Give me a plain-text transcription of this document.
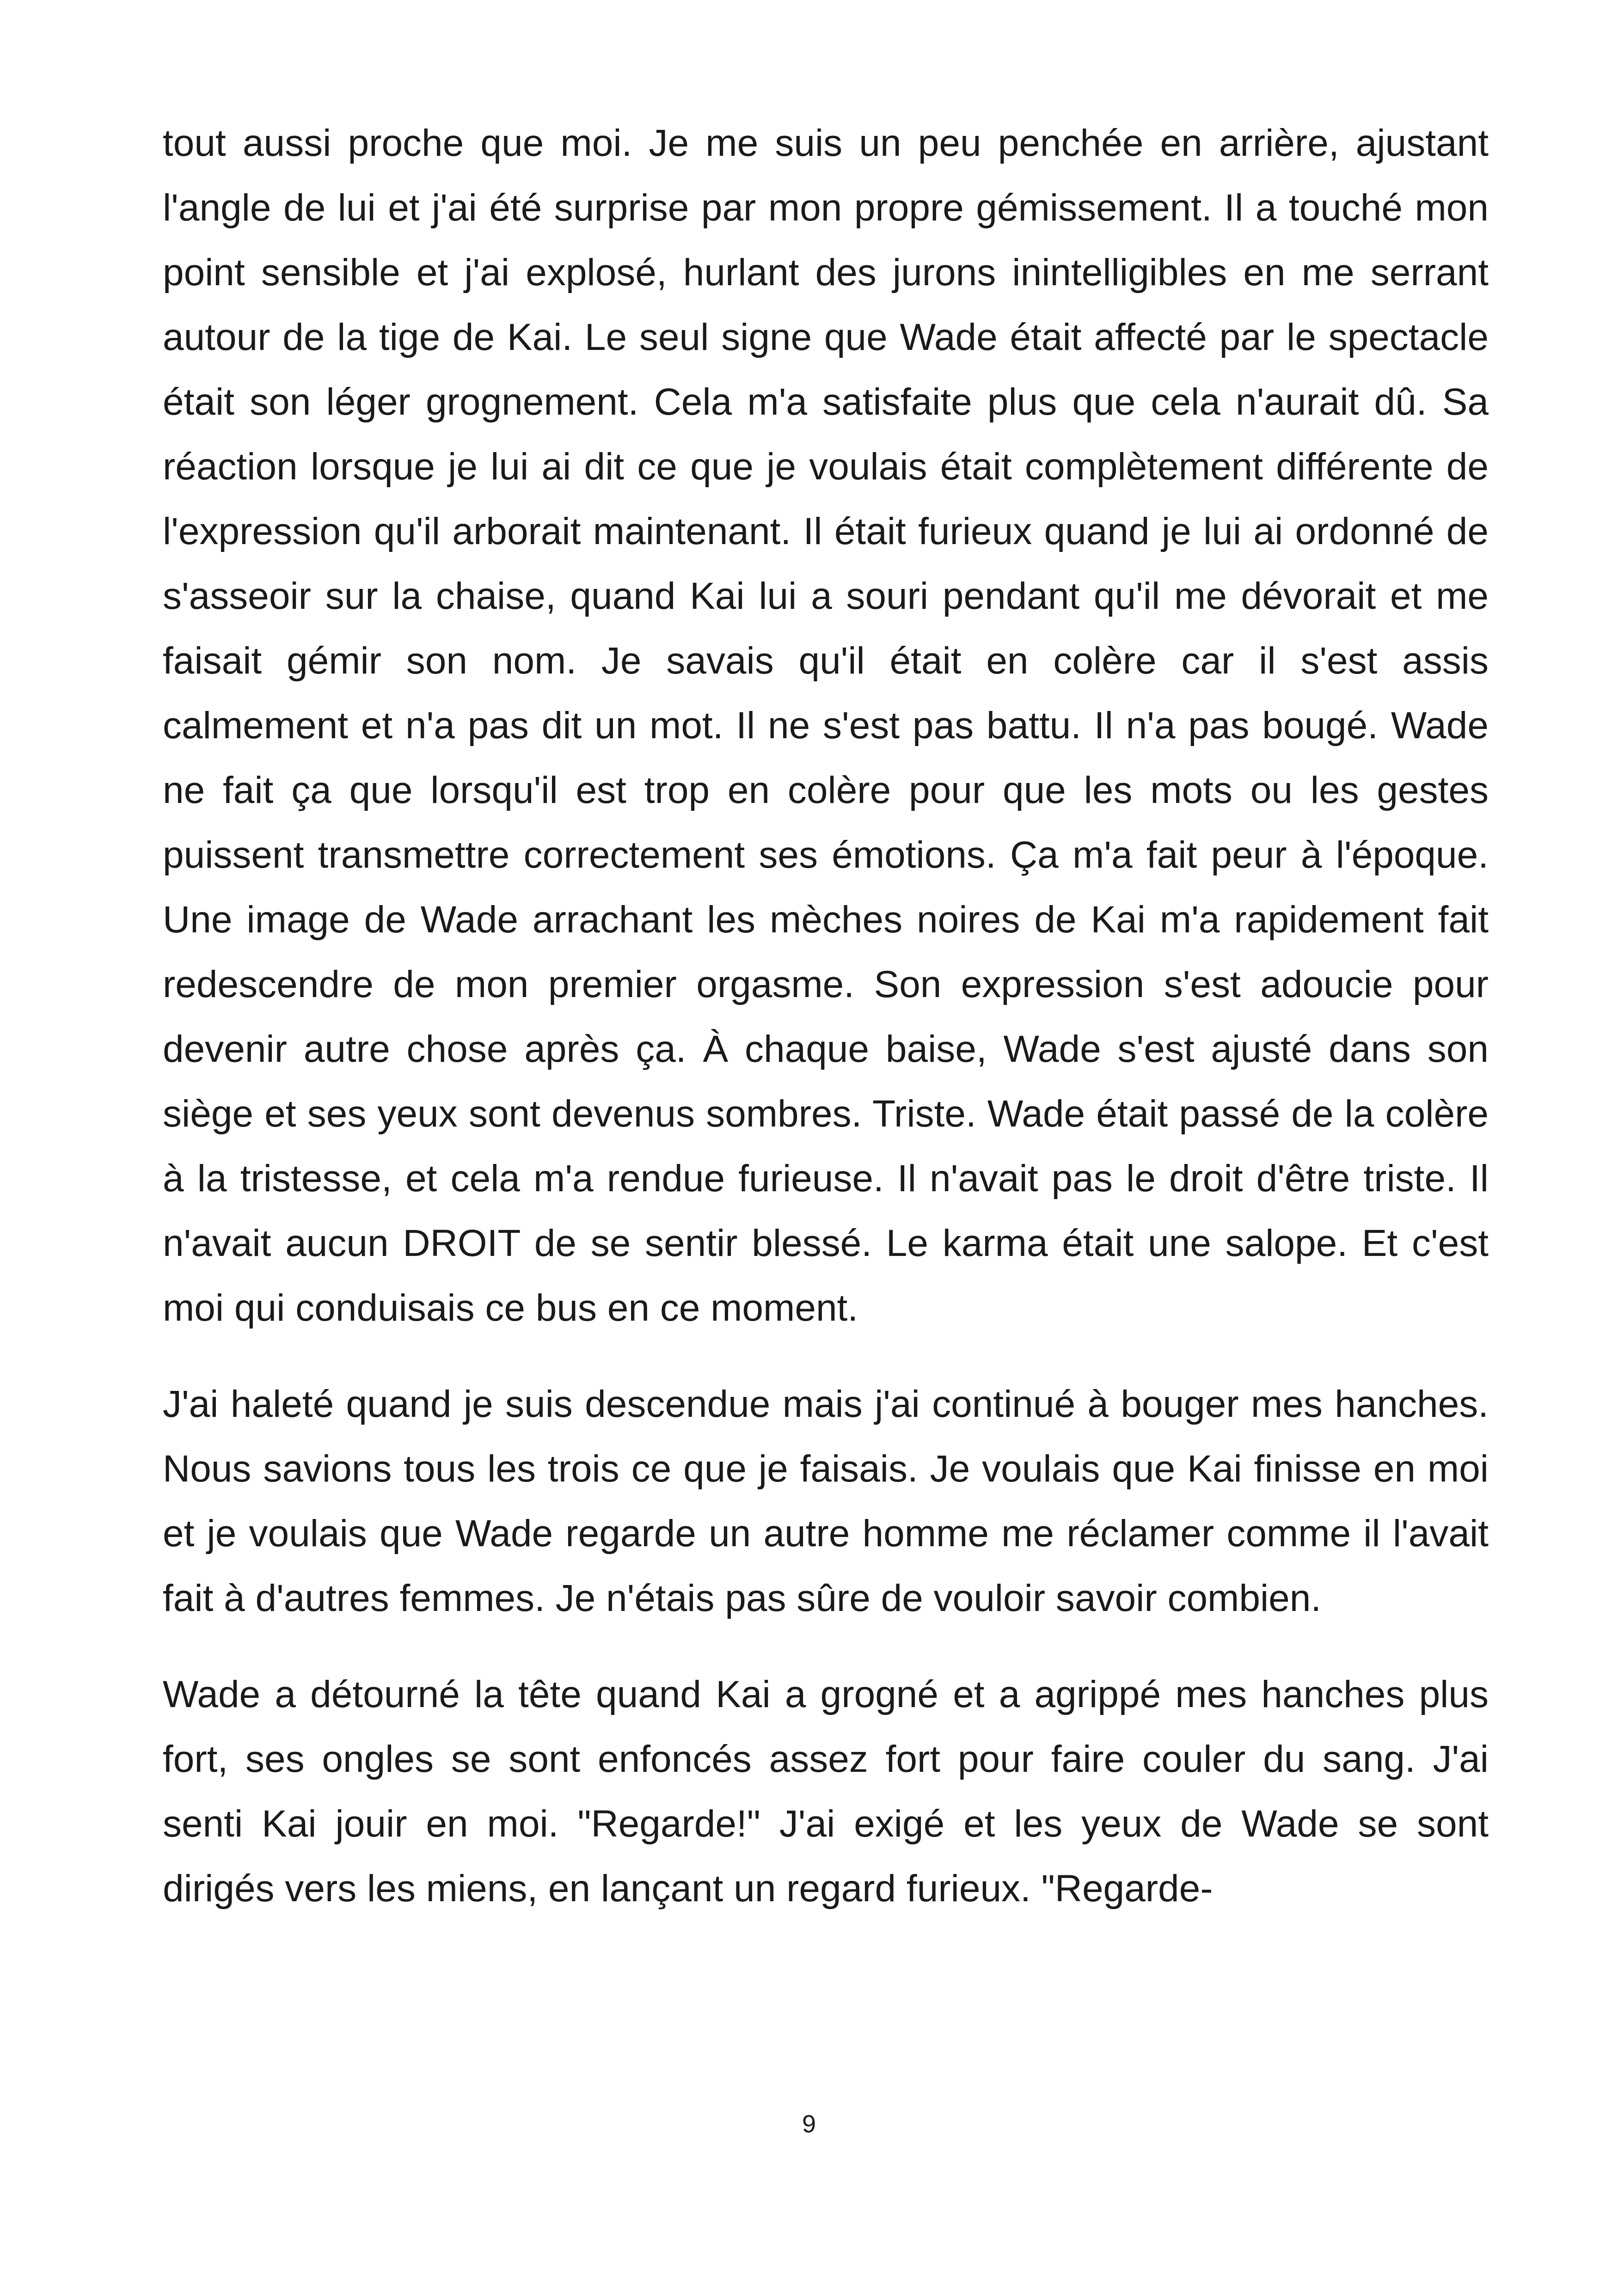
tout aussi proche que moi. Je me suis un peu penchée en arrière, ajustant l'angle de lui et j'ai été surprise par mon propre gémissement. Il a touché mon point sensible et j'ai explosé, hurlant des jurons inintelligibles en me serrant autour de la tige de Kai. Le seul signe que Wade était affecté par le spectacle était son léger grognement. Cela m'a satisfaite plus que cela n'aurait dû. Sa réaction lorsque je lui ai dit ce que je voulais était complètement différente de l'expression qu'il arborait maintenant. Il était furieux quand je lui ai ordonné de s'asseoir sur la chaise, quand Kai lui a souri pendant qu'il me dévorait et me faisait gémir son nom. Je savais qu'il était en colère car il s'est assis calmement et n'a pas dit un mot. Il ne s'est pas battu. Il n'a pas bougé. Wade ne fait ça que lorsqu'il est trop en colère pour que les mots ou les gestes puissent transmettre correctement ses émotions. Ça m'a fait peur à l'époque. Une image de Wade arrachant les mèches noires de Kai m'a rapidement fait redescendre de mon premier orgasme. Son expression s'est adoucie pour devenir autre chose après ça. À chaque baise, Wade s'est ajusté dans son siège et ses yeux sont devenus sombres. Triste. Wade était passé de la colère à la tristesse, et cela m'a rendue furieuse. Il n'avait pas le droit d'être triste. Il n'avait aucun DROIT de se sentir blessé. Le karma était une salope. Et c'est moi qui conduisais ce bus en ce moment.

J'ai haleté quand je suis descendue mais j'ai continué à bouger mes hanches. Nous savions tous les trois ce que je faisais. Je voulais que Kai finisse en moi et je voulais que Wade regarde un autre homme me réclamer comme il l'avait fait à d'autres femmes. Je n'étais pas sûre de vouloir savoir combien.

Wade a détourné la tête quand Kai a grogné et a agrippé mes hanches plus fort, ses ongles se sont enfoncés assez fort pour faire couler du sang. J'ai senti Kai jouir en moi. "Regarde!" J'ai exigé et les yeux de Wade se sont dirigés vers les miens, en lançant un regard furieux. "Regarde-

9
